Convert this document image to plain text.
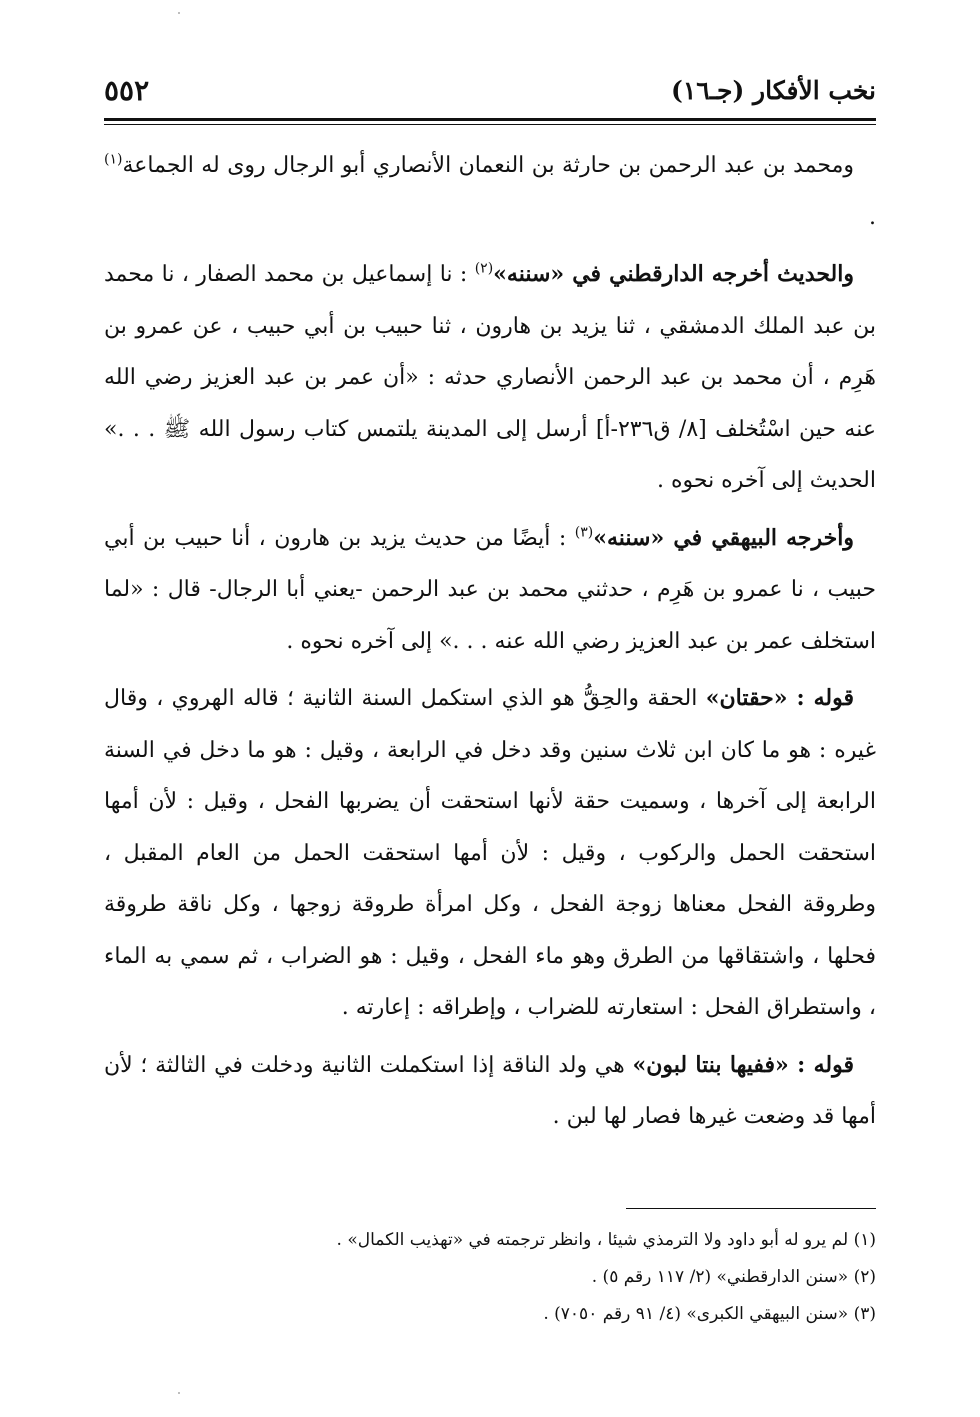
٥٥٢	نخب الأفكار (جـ١٦)

ومحمد بن عبد الرحمن بن حارثة بن النعمان الأنصاري أبو الرجال روى له الجماعة$^{(١)}$ .

والحديث أخرجه الدارقطني في «سننه»$^{(٢)}$ : نا إسماعيل بن محمد الصفار ، نا محمد بن عبد الملك الدمشقي ، ثنا يزيد بن هارون ، ثنا حبيب بن أبي حبيب ، عن عمرو بن هَرِم ، أن محمد بن عبد الرحمن الأنصاري حدثه : «أن عمر بن عبد العزيز رضي الله عنه حين اسْتُخلف [٨/ ق٢٣٦-أ] أرسل إلى المدينة يلتمس كتاب رسول الله ﷺ . . .» الحديث إلى آخره نحوه .

وأخرجه البيهقي في «سننه»$^{(٣)}$ : أيضًا من حديث يزيد بن هارون ، أنا حبيب بن أبي حبيب ، نا عمرو بن هَرِم ، حدثني محمد بن عبد الرحمن -يعني أبا الرجال- قال : «لما استخلف عمر بن عبد العزيز رضي الله عنه . . .» إلى آخره نحوه .

قوله : «حقتان» الحقة والحِقُّ هو الذي استكمل السنة الثانية ؛ قاله الهروي ، وقال غيره : هو ما كان ابن ثلاث سنين وقد دخل في الرابعة ، وقيل : هو ما دخل في السنة الرابعة إلى آخرها ، وسميت حقة لأنها استحقت أن يضربها الفحل ، وقيل : لأن أمها استحقت الحمل والركوب ، وقيل : لأن أمها استحقت الحمل من العام المقبل ، وطروقة الفحل معناها زوجة الفحل ، وكل امرأة طروقة زوجها ، وكل ناقة طروقة فحلها ، واشتقاقها من الطرق وهو ماء الفحل ، وقيل : هو الضراب ، ثم سمي به الماء ، واستطراق الفحل : استعارته للضراب ، وإطراقه : إعارته .

قوله : «ففيها بنتا لبون» هي ولد الناقة إذا استكملت الثانية ودخلت في الثالثة ؛ لأن أمها قد وضعت غيرها فصار لها لبن .

(١) لم يرو له أبو داود ولا الترمذي شيئا ، وانظر ترجمته في «تهذيب الكمال» .
(٢) «سنن الدارقطني» (٢/ ١١٧ رقم ٥) .
(٣) «سنن البيهقي الكبرى» (٤/ ٩١ رقم ٧٠٥٠) .
